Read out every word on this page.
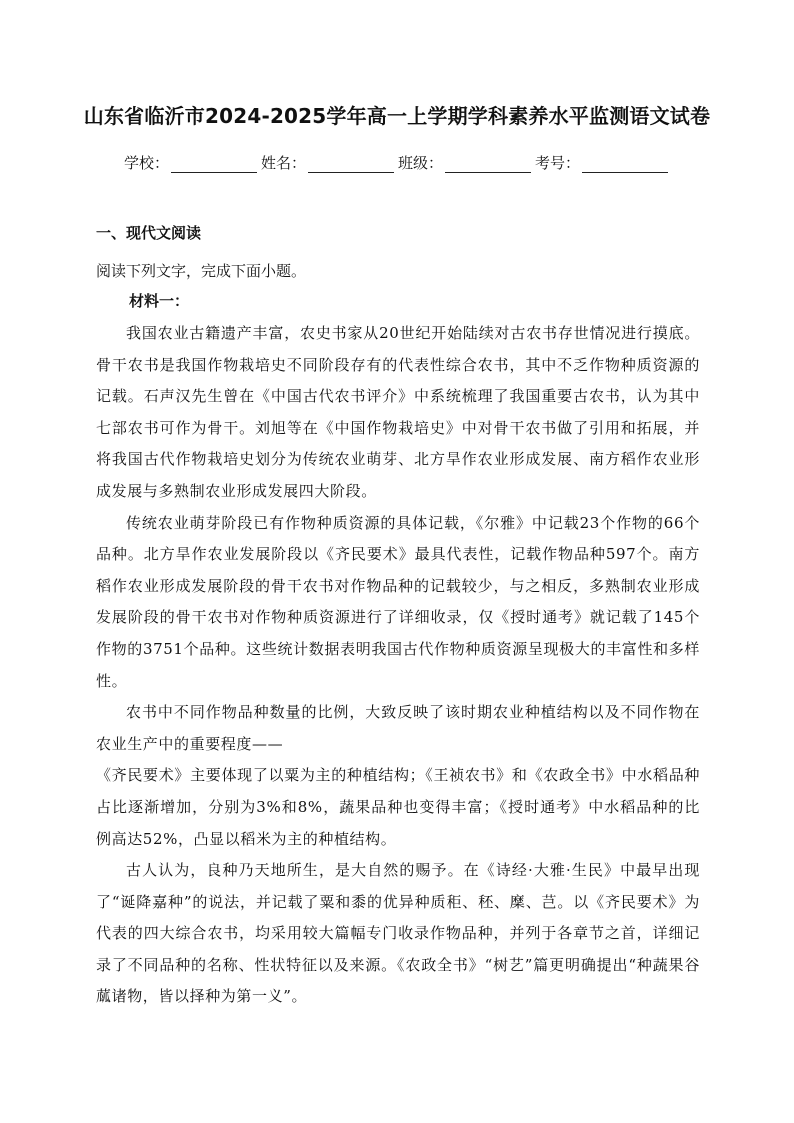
山东省临沂市2024-2025学年高一上学期学科素养水平监测语文试卷
学校：	姓名：	班级：	考号：
一、现代文阅读
阅读下列文字，完成下面小题。
材料一：

我国农业古籍遗产丰富，农史书家从20世纪开始陆续对古农书存世情况进行摸底。骨干农书是我国作物栽培史不同阶段存有的代表性综合农书，其中不乏作物种质资源的记载。石声汉先生曾在《中国古代农书评介》中系统梳理了我国重要古农书，认为其中七部农书可作为骨干。刘旭等在《中国作物栽培史》中对骨干农书做了引用和拓展，并将我国古代作物栽培史划分为传统农业萌芽、北方旱作农业形成发展、南方稻作农业形成发展与多熟制农业形成发展四大阶段。

传统农业萌芽阶段已有作物种质资源的具体记载，《尔雅》中记载23个作物的66个品种。北方旱作农业发展阶段以《齐民要术》最具代表性，记载作物品种597个。南方稻作农业形成发展阶段的骨干农书对作物品种的记载较少，与之相反，多熟制农业形成发展阶段的骨干农书对作物种质资源进行了详细收录，仅《授时通考》就记载了145个作物的3751个品种。这些统计数据表明我国古代作物种质资源呈现极大的丰富性和多样性。

农书中不同作物品种数量的比例，大致反映了该时期农业种植结构以及不同作物在农业生产中的重要程度——

《齐民要术》主要体现了以粟为主的种植结构；《王祯农书》和《农政全书》中水稻品种占比逐渐增加，分别为3%和8%，蔬果品种也变得丰富；《授时通考》中水稻品种的比例高达52%，凸显以稻米为主的种植结构。

古人认为，良种乃天地所生，是大自然的赐予。在《诗经·大雅·生民》中最早出现了“诞降嘉种”的说法，并记载了粟和黍的优异种质秬、秠、穈、芑。以《齐民要术》为代表的四大综合农书，均采用较大篇幅专门收录作物品种，并列于各章节之首，详细记录了不同品种的名称、性状特征以及来源。《农政全书》“树艺”篇更明确提出“种蔬果谷蓏诸物，皆以择种为第一义”。
